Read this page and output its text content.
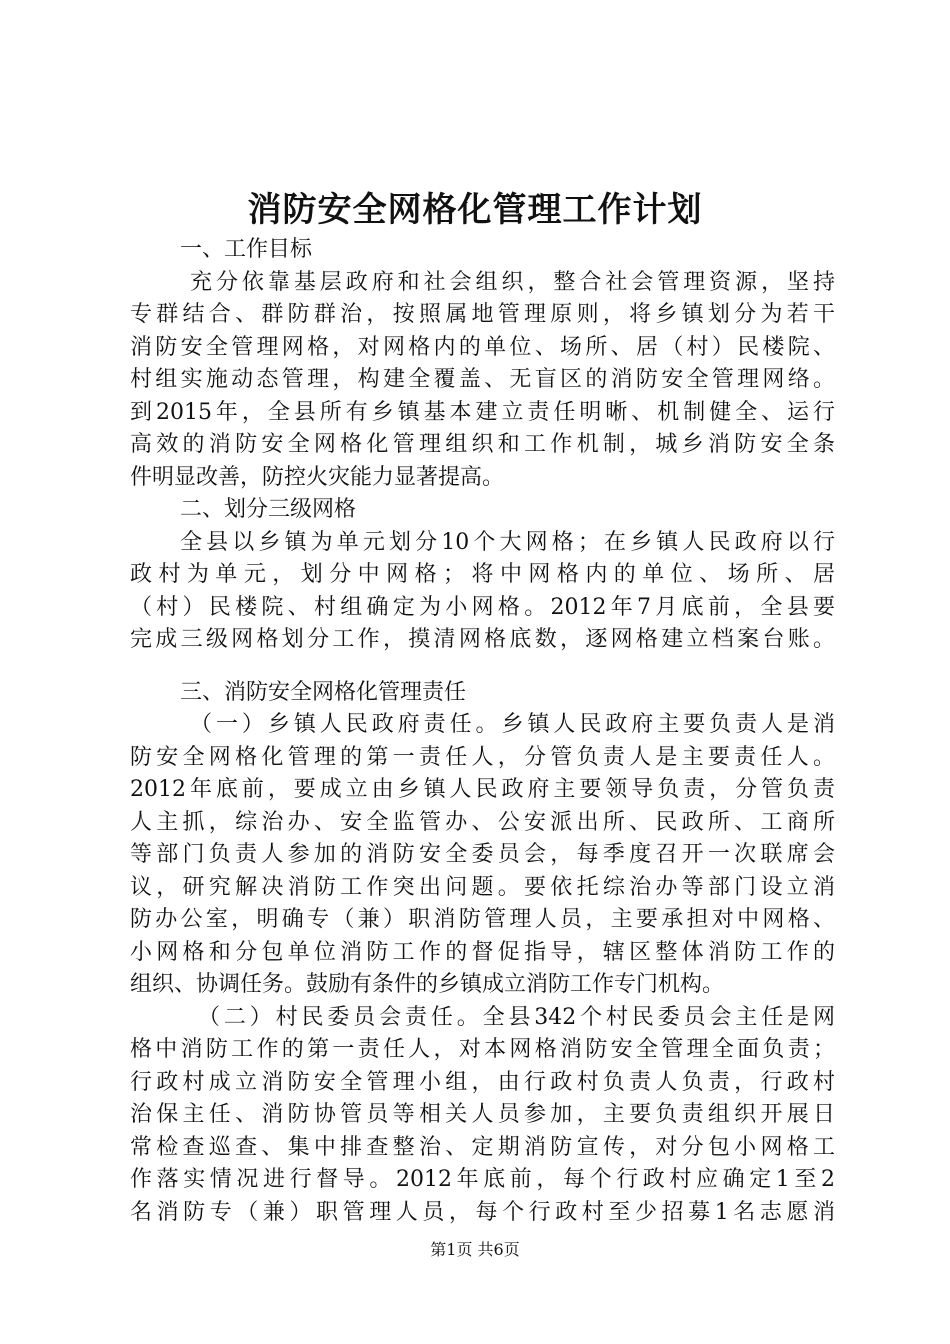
消防安全网格化管理工作计划
一、工作目标
充分依靠基层政府和社会组织，整合社会管理资源，坚持
专群结合、群防群治，按照属地管理原则，将乡镇划分为若干
消防安全管理网格，对网格内的单位、场所、居（村）民楼院、
村组实施动态管理，构建全覆盖、无盲区的消防安全管理网络。
到2015年，全县所有乡镇基本建立责任明晰、机制健全、运行
高效的消防安全网格化管理组织和工作机制，城乡消防安全条
件明显改善，防控火灾能力显著提高。
二、划分三级网格
全县以乡镇为单元划分10个大网格；在乡镇人民政府以行
政村为单元，划分中网格；将中网格内的单位、场所、居
（村）民楼院、村组确定为小网格。2012年7月底前，全县要
完成三级网格划分工作，摸清网格底数，逐网格建立档案台账。
三、消防安全网格化管理责任
（一）乡镇人民政府责任。乡镇人民政府主要负责人是消
防安全网格化管理的第一责任人，分管负责人是主要责任人。
2012年底前，要成立由乡镇人民政府主要领导负责，分管负责
人主抓，综治办、安全监管办、公安派出所、民政所、工商所
等部门负责人参加的消防安全委员会，每季度召开一次联席会
议，研究解决消防工作突出问题。要依托综治办等部门设立消
防办公室，明确专（兼）职消防管理人员，主要承担对中网格、
小网格和分包单位消防工作的督促指导，辖区整体消防工作的
组织、协调任务。鼓励有条件的乡镇成立消防工作专门机构。
（二）村民委员会责任。全县342个村民委员会主任是网
格中消防工作的第一责任人，对本网格消防安全管理全面负责；
行政村成立消防安全管理小组，由行政村负责人负责，行政村
治保主任、消防协管员等相关人员参加，主要负责组织开展日
常检查巡查、集中排查整治、定期消防宣传，对分包小网格工
作落实情况进行督导。2012年底前，每个行政村应确定1至2
名消防专（兼）职管理人员，每个行政村至少招募1名志愿消
第1页 共6页
